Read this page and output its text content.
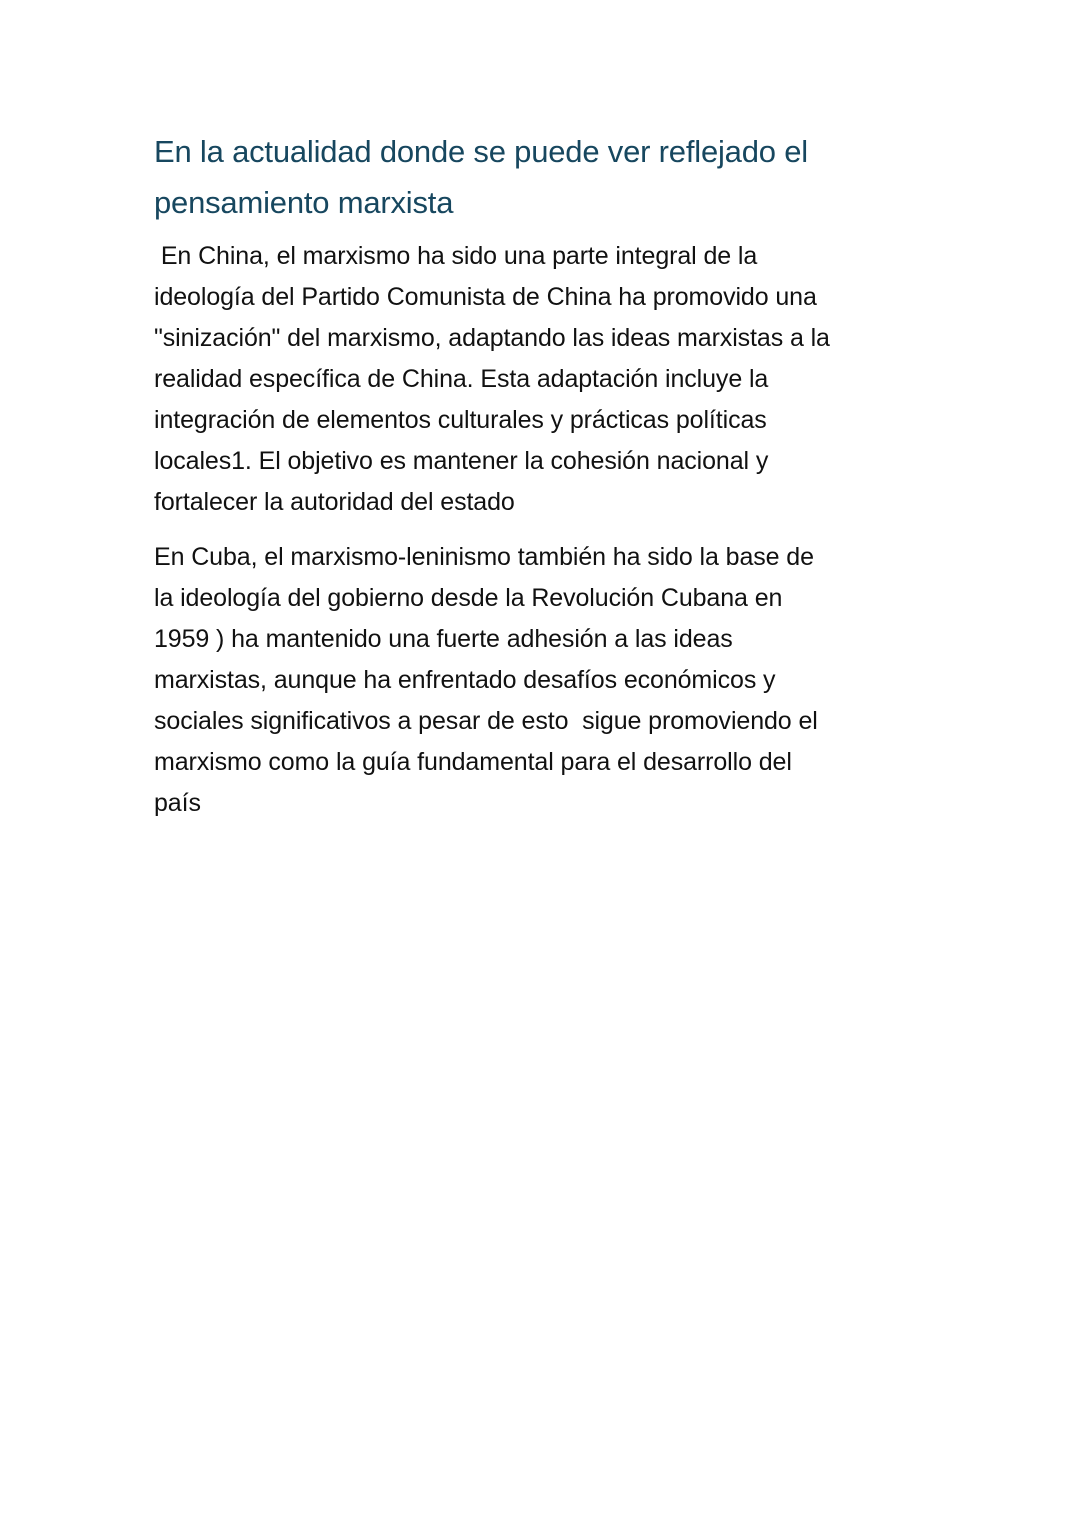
En la actualidad donde se puede ver reflejado el
pensamiento marxista

En China, el marxismo ha sido una parte integral de la
ideología del Partido Comunista de China ha promovido una
"sinización" del marxismo, adaptando las ideas marxistas a la
realidad específica de China. Esta adaptación incluye la
integración de elementos culturales y prácticas políticas
locales1. El objetivo es mantener la cohesión nacional y
fortalecer la autoridad del estado

En Cuba, el marxismo-leninismo también ha sido la base de
la ideología del gobierno desde la Revolución Cubana en
1959 ) ha mantenido una fuerte adhesión a las ideas
marxistas, aunque ha enfrentado desafíos económicos y
sociales significativos a pesar de esto  sigue promoviendo el
marxismo como la guía fundamental para el desarrollo del
país
